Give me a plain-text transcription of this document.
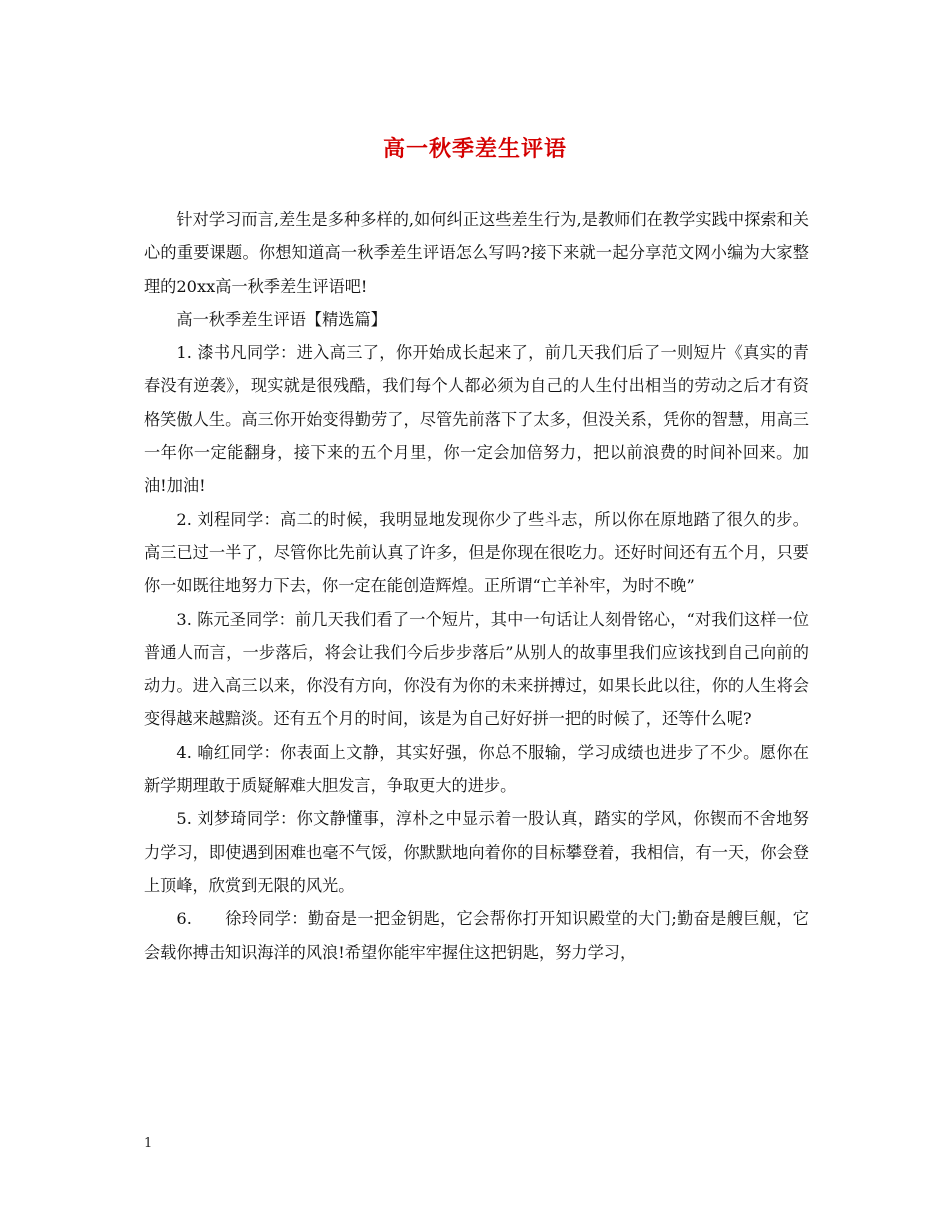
高一秋季差生评语

针对学习而言,差生是多种多样的,如何纠正这些差生行为,是教师们在教学实践中探索和关心的重要课题。你想知道高一秋季差生评语怎么写吗?接下来就一起分享范文网小编为大家整理的20xx高一秋季差生评语吧!

高一秋季差生评语【精选篇】

1. 漆书凡同学：进入高三了，你开始成长起来了，前几天我们后了一则短片《真实的青春没有逆袭》，现实就是很残酷，我们每个人都必须为自己的人生付出相当的劳动之后才有资格笑傲人生。高三你开始变得勤劳了，尽管先前落下了太多，但没关系，凭你的智慧，用高三一年你一定能翻身，接下来的五个月里，你一定会加倍努力，把以前浪费的时间补回来。加油!加油!

2. 刘程同学：高二的时候，我明显地发现你少了些斗志，所以你在原地踏了很久的步。高三已过一半了，尽管你比先前认真了许多，但是你现在很吃力。还好时间还有五个月，只要你一如既往地努力下去，你一定在能创造辉煌。正所谓“亡羊补牢，为时不晚”

3. 陈元圣同学：前几天我们看了一个短片，其中一句话让人刻骨铭心，“对我们这样一位普通人而言，一步落后，将会让我们今后步步落后”从别人的故事里我们应该找到自己向前的动力。进入高三以来，你没有方向，你没有为你的未来拼搏过，如果长此以往，你的人生将会变得越来越黯淡。还有五个月的时间，该是为自己好好拼一把的时候了，还等什么呢?

4. 喻红同学：你表面上文静，其实好强，你总不服输，学习成绩也进步了不少。愿你在新学期理敢于质疑解难大胆发言，争取更大的进步。

5. 刘梦琦同学：你文静懂事，淳朴之中显示着一股认真，踏实的学风，你锲而不舍地努力学习，即使遇到困难也毫不气馁，你默默地向着你的目标攀登着，我相信，有一天，你会登上顶峰，欣赏到无限的风光。

6.　　徐玲同学：勤奋是一把金钥匙，它会帮你打开知识殿堂的大门;勤奋是艘巨舰，它会载你搏击知识海洋的风浪!希望你能牢牢握住这把钥匙，努力学习，

1
